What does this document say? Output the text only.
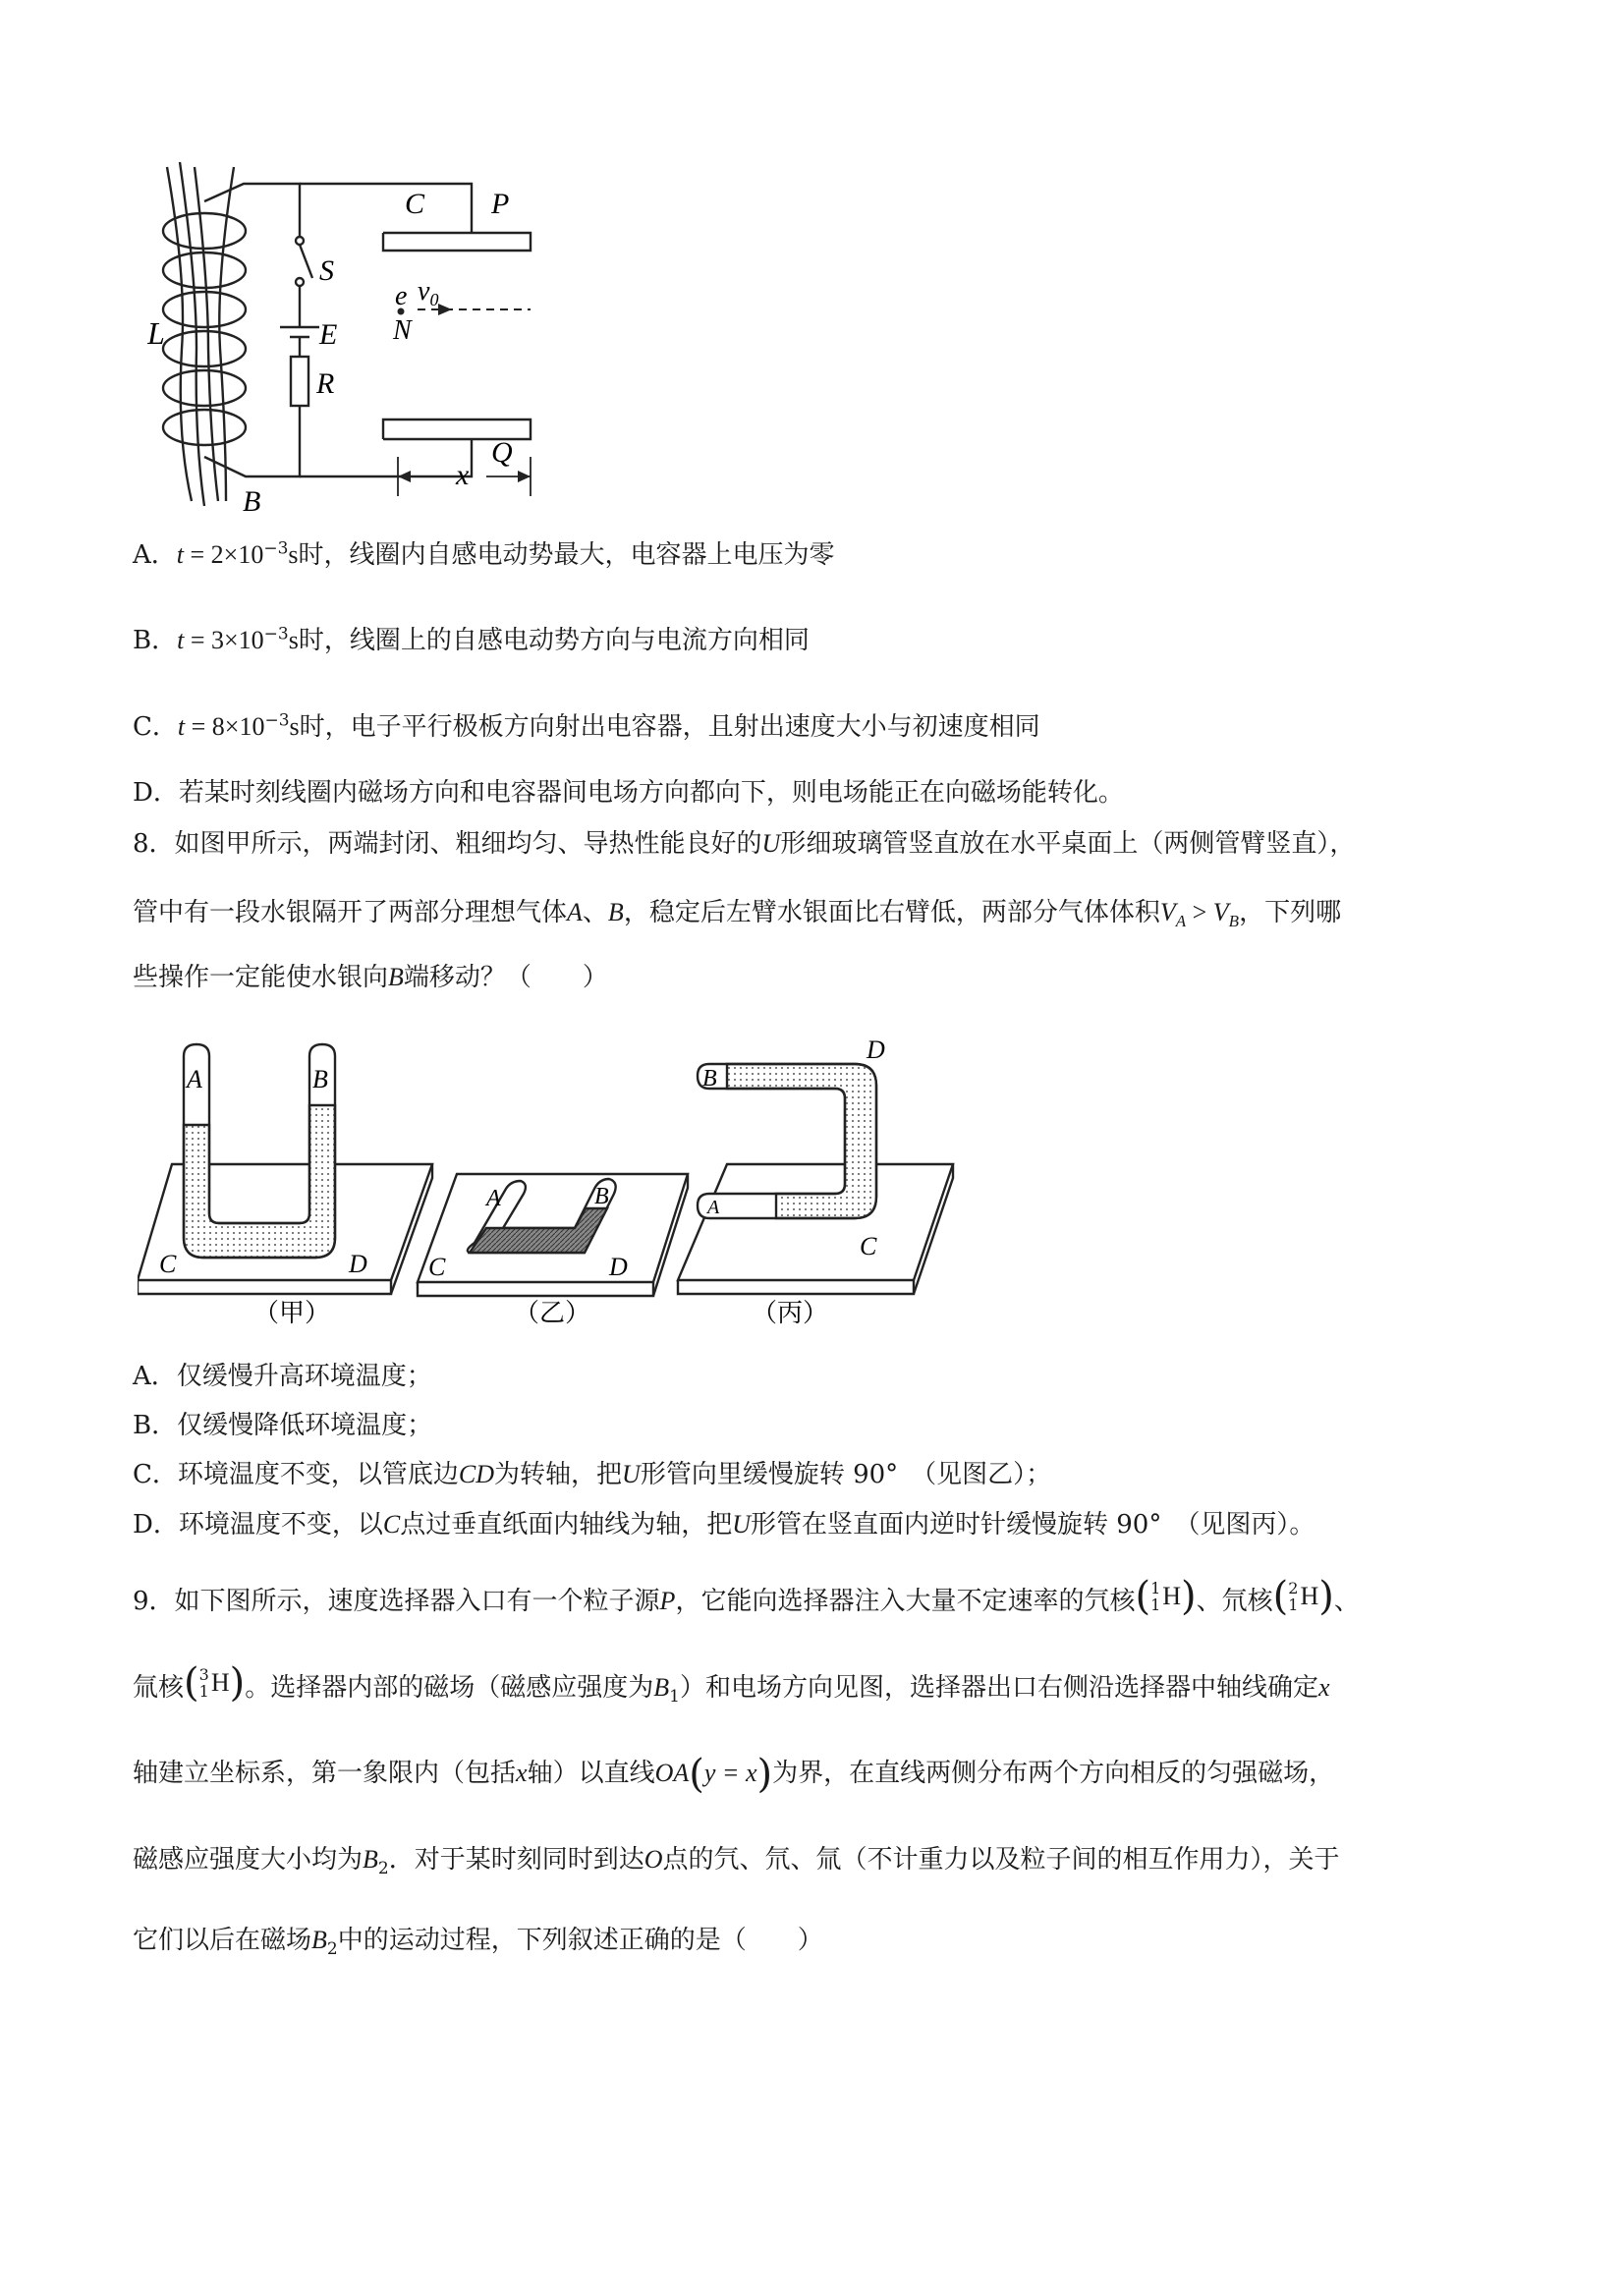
C P
S
e $v_0$
L	E N
R
Q
B
x
A．$t = 2\times 10^{-3}s$时，线圈内自感电动势最大，电容器上电压为零
B．$t = 3\times 10^{-3}s$时，线圈上的自感电动势方向与电流方向相同
C．$t = 8\times 10^{-3}s$时，电子平行极板方向射出电容器，且射出速度大小与初速度相同
D．若某时刻线圈内磁场方向和电容器间电场方向都向下，则电场能正在向磁场能转化。
8．如图甲所示，两端封闭、粗细均匀、导热性能良好的U形细玻璃管竖直放在水平桌面上（两侧管臂竖直），
管中有一段水银隔开了两部分理想气体A、B，稳定后左臂水银面比右臂低，两部分气体体积$V_A > V_B$，下列哪
些操作一定能使水银向B端移动？（　　）
A	B
C	D
（甲）
A	B
C	D
（乙）
B
D
A
C
（丙）
A．仅缓慢升高环境温度；
B．仅缓慢降低环境温度；
C．环境温度不变，以管底边CD为转轴，把U形管向里缓慢旋转 90°　（见图乙）；
D．环境温度不变，以C点过垂直纸面内轴线为轴，把U形管在竖直面内逆时针缓慢旋转 90°　（见图丙）。
9．如下图所示，速度选择器入口有一个粒子源P，它能向选择器注入大量不定速率的氕核 ( 1
1 H ) 、氘核 ( 2
1 H ) 、
氚核 ( 3
1 H ) 。选择器内部的磁场（磁感应强度为$B_1$）和电场方向见图，选择器出口右侧沿选择器中轴线确定x
轴建立坐标系，第一象限内（包括x轴）以直线OA(y = x)为界，在直线两侧分布两个方向相反的匀强磁场，
磁感应强度大小均为$B_2$．对于某时刻同时到达O点的氕、氘、氚（不计重力以及粒子间的相互作用力），关于
它们以后在磁场$B_2$中的运动过程，下列叙述正确的是（　　）
